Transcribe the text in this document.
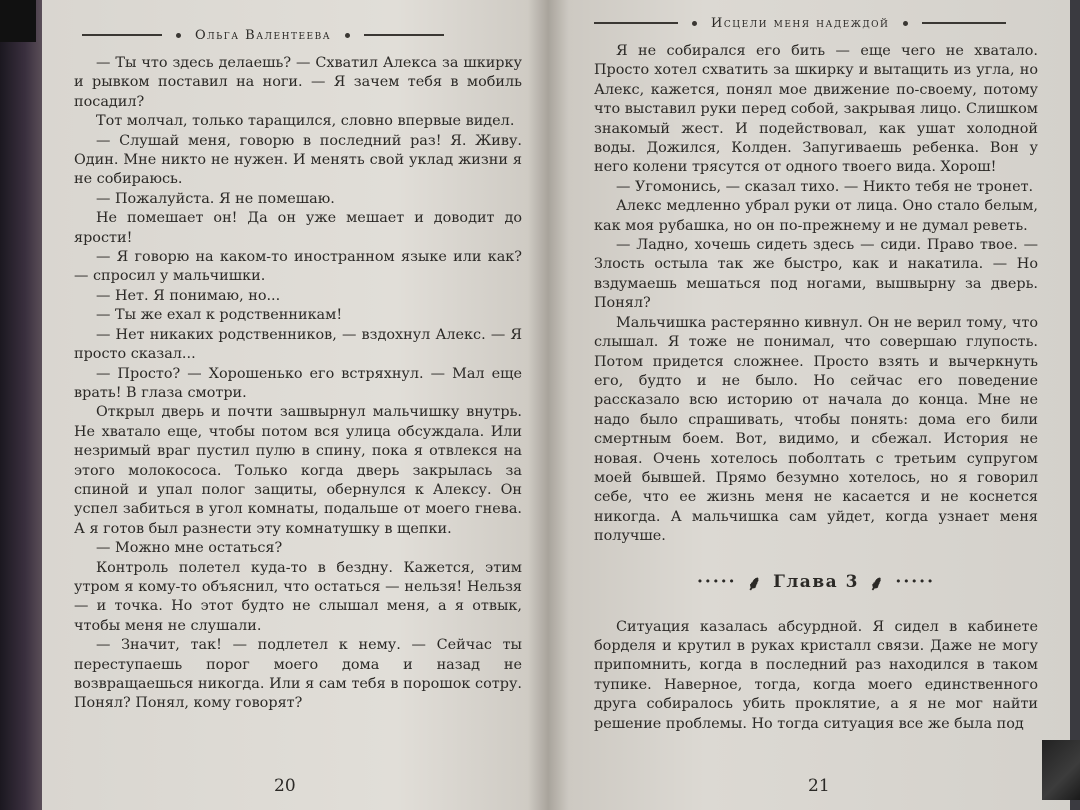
Ольга Валентеева

— Ты что здесь делаешь? — Схватил Алекса за шкирку и рывком поставил на ноги. — Я зачем тебя в мобиль посадил?

Тот молчал, только таращился, словно впервые видел.

— Слушай меня, говорю в последний раз! Я. Живу. Один. Мне никто не нужен. И менять свой уклад жизни я не собираюсь.

— Пожалуйста. Я не помешаю.

Не помешает он! Да он уже мешает и доводит до ярости!

— Я говорю на каком-то иностранном языке или как? — спросил у мальчишки.

— Нет. Я понимаю, но...

— Ты же ехал к родственникам!

— Нет никаких родственников, — вздохнул Алекс. — Я просто сказал...

— Просто? — Хорошенько его встряхнул. — Мал еще врать! В глаза смотри.

Открыл дверь и почти зашвырнул мальчишку внутрь. Не хватало еще, чтобы потом вся улица обсуждала. Или незримый враг пустил пулю в спину, пока я отвлекся на этого молокососа. Только когда дверь закрылась за спиной и упал полог защиты, обернулся к Алексу. Он успел забиться в угол комнаты, подальше от моего гнева. А я готов был разнести эту комнатушку в щепки.

— Можно мне остаться?

Контроль полетел куда-то в бездну. Кажется, этим утром я кому-то объяснил, что остаться — нельзя! Нельзя — и точка. Но этот будто не слышал меня, а я отвык, чтобы меня не слушали.

— Значит, так! — подлетел к нему. — Сейчас ты переступаешь порог моего дома и назад не возвращаешься никогда. Или я сам тебя в порошок сотру. Понял? Понял, кому говорят?

20
Исцели меня надеждой

Я не собирался его бить — еще чего не хватало. Просто хотел схватить за шкирку и вытащить из угла, но Алекс, кажется, понял мое движение по-своему, потому что выставил руки перед собой, закрывая лицо. Слишком знакомый жест. И подействовал, как ушат холодной воды. Дожился, Колден. Запугиваешь ребенка. Вон у него колени трясутся от одного твоего вида. Хорош!

— Угомонись, — сказал тихо. — Никто тебя не тронет.

Алекс медленно убрал руки от лица. Оно стало белым, как моя рубашка, но он по-прежнему и не думал реветь.

— Ладно, хочешь сидеть здесь — сиди. Право твое. — Злость остыла так же быстро, как и накатила. — Но вздумаешь мешаться под ногами, вышвырну за дверь. Понял?

Мальчишка растерянно кивнул. Он не верил тому, что слышал. Я тоже не понимал, что совершаю глупость. Потом придется сложнее. Просто взять и вычеркнуть его, будто и не было. Но сейчас его поведение рассказало всю историю от начала до конца. Мне не надо было спрашивать, чтобы понять: дома его били смертным боем. Вот, видимо, и сбежал. История не новая. Очень хотелось поболтать с третьим супругом моей бывшей. Прямо безумно хотелось, но я говорил себе, что ее жизнь меня не касается и не коснется никогда. А мальчишка сам уйдет, когда узнает меня получше.

····· ⸙ Глава 3 ⸙ ·····

Ситуация казалась абсурдной. Я сидел в кабинете борделя и крутил в руках кристалл связи. Даже не могу припомнить, когда в последний раз находился в таком тупике. Наверное, тогда, когда моего единственного друга собиралось убить проклятие, а я не мог найти решение проблемы. Но тогда ситуация все же была под

21
